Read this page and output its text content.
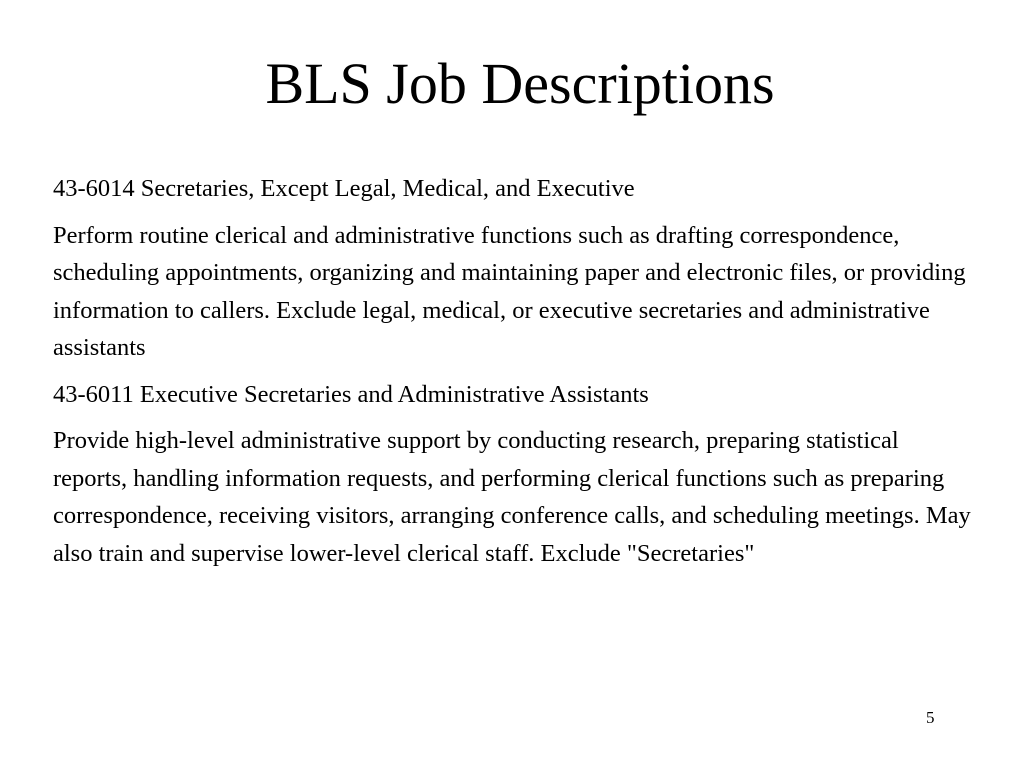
BLS Job Descriptions

43-6014 Secretaries, Except Legal, Medical, and Executive

Perform routine clerical and administrative functions such as drafting correspondence, scheduling appointments, organizing and maintaining paper and electronic files, or providing information to callers. Exclude legal, medical, or executive secretaries and administrative assistants

43-6011 Executive Secretaries and Administrative Assistants

Provide high-level administrative support by conducting research, preparing statistical reports, handling information requests, and performing clerical functions such as preparing correspondence, receiving visitors, arranging conference calls, and scheduling meetings. May also train and supervise lower-level clerical staff. Exclude "Secretaries"

5
